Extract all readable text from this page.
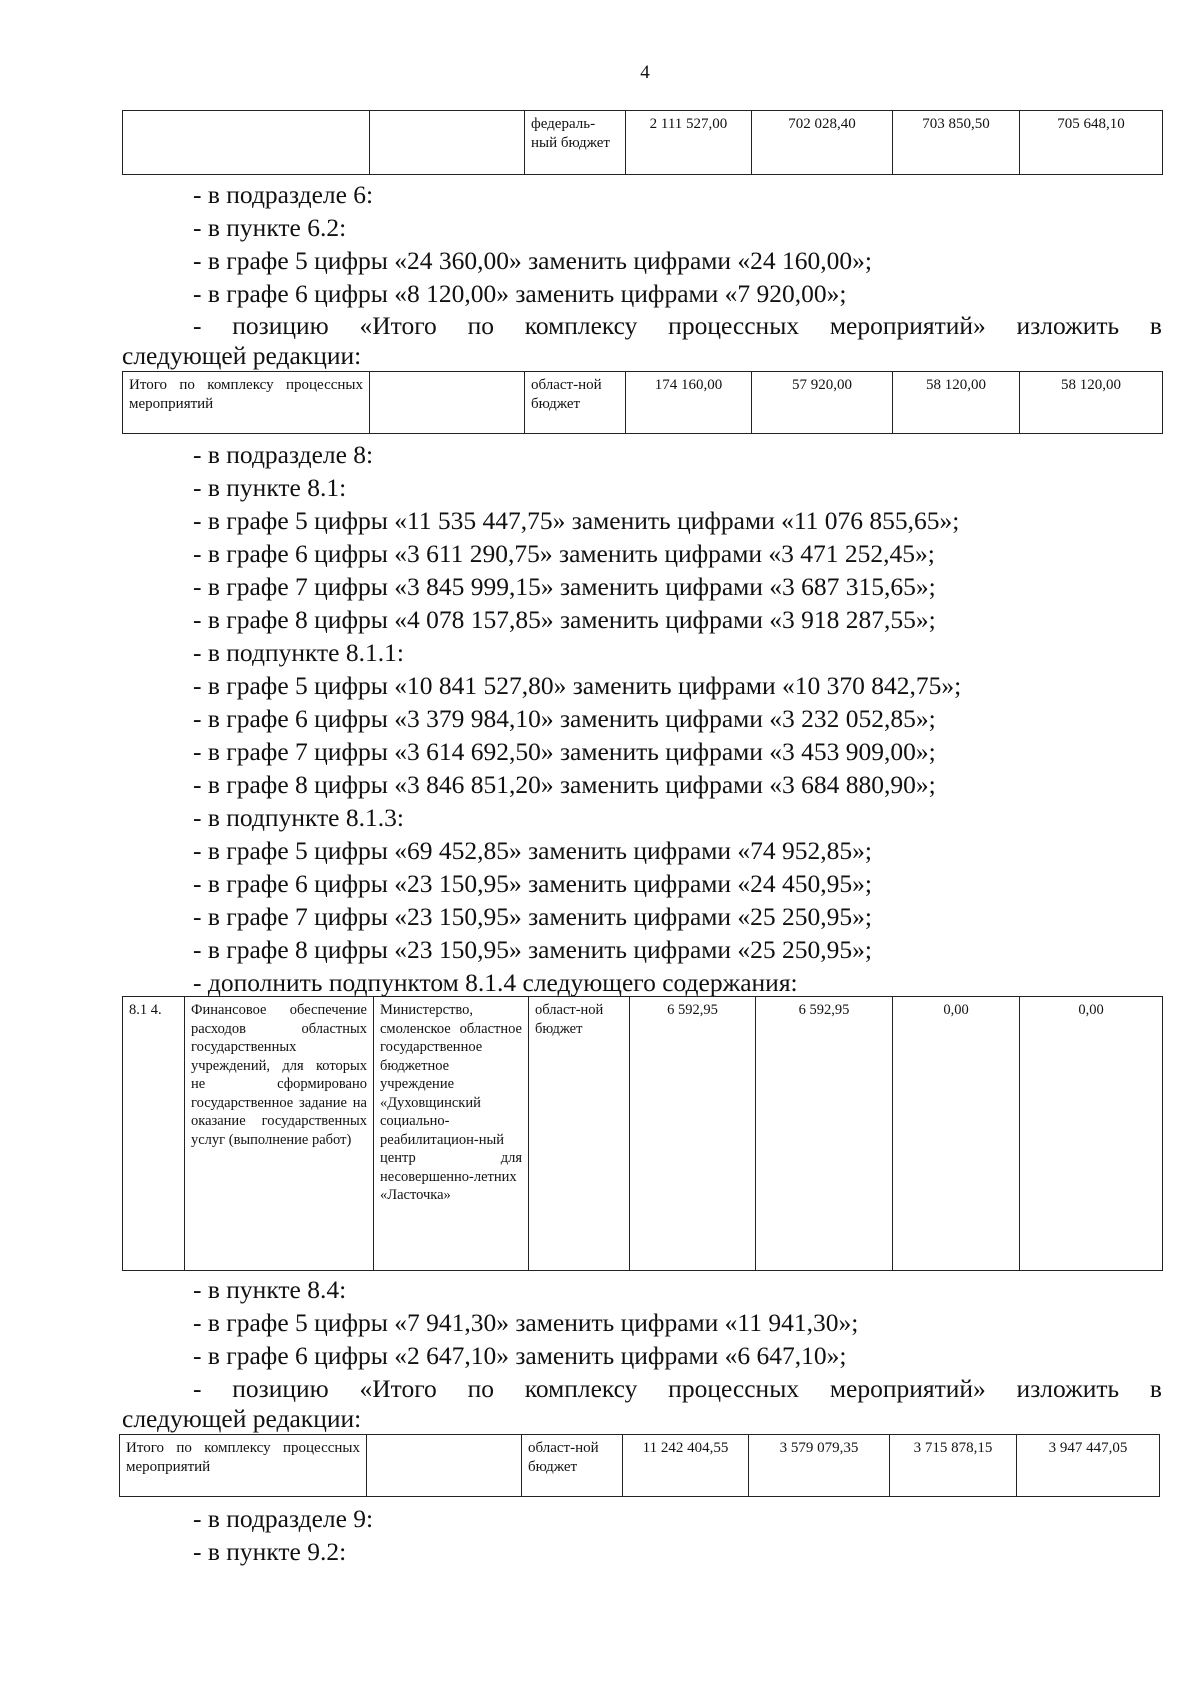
4
		федераль-ный бюджет	2 111 527,00	702 028,40	703 850,50	705 648,10
- в подразделе 6:
- в пункте 6.2:
- в графе 5 цифры «24 360,00» заменить цифрами «24 160,00»;
- в графе 6 цифры «8 120,00» заменить цифрами «7 920,00»;
- позицию «Итого по комплексу процессных мероприятий» изложить в
следующей редакции:
Итого по комплексу процессных мероприятий		област-ной бюджет	174 160,00	57 920,00	58 120,00	58 120,00
- в подразделе 8:
- в пункте 8.1:
- в графе 5 цифры «11 535 447,75» заменить цифрами «11 076 855,65»;
- в графе 6 цифры «3 611 290,75» заменить цифрами «3 471 252,45»;
- в графе 7 цифры «3 845 999,15» заменить цифрами «3 687 315,65»;
- в графе 8 цифры «4 078 157,85» заменить цифрами «3 918 287,55»;
- в подпункте 8.1.1:
- в графе 5 цифры «10 841 527,80» заменить цифрами «10 370 842,75»;
- в графе 6 цифры «3 379 984,10» заменить цифрами «3 232 052,85»;
- в графе 7 цифры «3 614 692,50» заменить цифрами «3 453 909,00»;
- в графе 8 цифры «3 846 851,20» заменить цифрами «3 684 880,90»;
- в подпункте 8.1.3:
- в графе 5 цифры «69 452,85» заменить цифрами «74 952,85»;
- в графе 6 цифры «23 150,95» заменить цифрами «24 450,95»;
- в графе 7 цифры «23 150,95» заменить цифрами «25 250,95»;
- в графе 8 цифры «23 150,95» заменить цифрами «25 250,95»;
- дополнить подпунктом 8.1.4 следующего содержания:
8.1 4.	Финансовое обеспечение расходов областных государственных учреждений, для которых не сформировано государственное задание на оказание государственных услуг (выполнение работ)	Министерство, смоленское областное государственное бюджетное учреждение «Духовщинский социально-реабилитацион-ный центр для несовершенно-летних «Ласточка»	област-ной бюджет	6 592,95	6 592,95	0,00	0,00
- в пункте 8.4:
- в графе 5 цифры «7 941,30» заменить цифрами «11 941,30»;
- в графе 6 цифры «2 647,10» заменить цифрами «6 647,10»;
- позицию «Итого по комплексу процессных мероприятий» изложить в
следующей редакции:
Итого по комплексу процессных мероприятий		област-ной бюджет	11 242 404,55	3 579 079,35	3 715 878,15	3 947 447,05
- в подразделе 9:
- в пункте 9.2:
